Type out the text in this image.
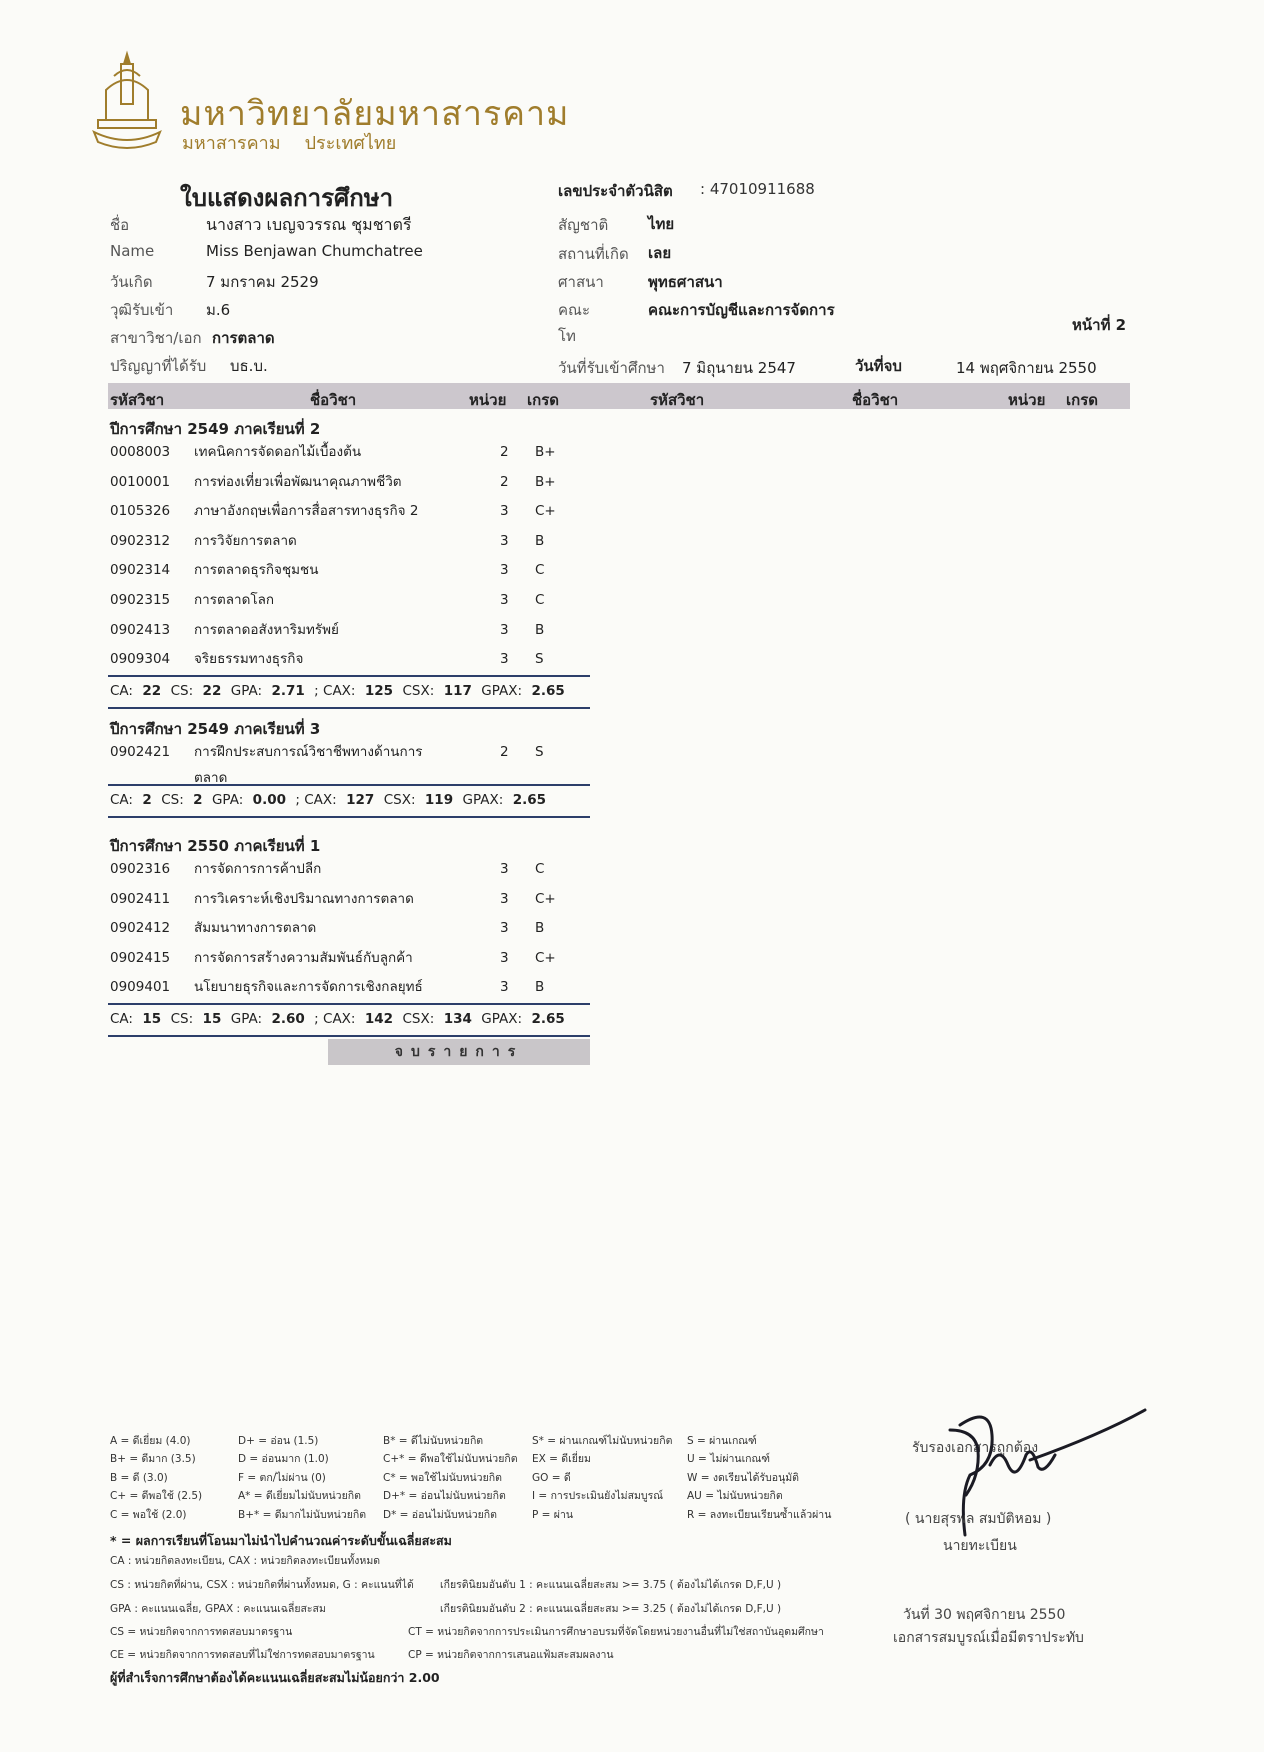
มหาวิทยาลัยมหาสารคาม
มหาสารคาม ประเทศไทย
ใบแสดงผลการศึกษา	เลขประจำตัวนิสิต : 47010911688
ชื่อ	นางสาว เบญจวรรณ ชุมชาตรี
Name	Miss Benjawan Chumchatree
วันเกิด	7 มกราคม 2529
วุฒิรับเข้า ม.6
สาขาวิชา/เอก การตลาด
ปริญญาที่ได้รับ บธ.บ.
สัญชาติ	ไทย
สถานที่เกิด เลย
ศาสนา	พุทธศาสนา
คณะ	คณะการบัญชีและการจัดการ
โท
หน้าที่ 2
วันที่รับเข้าศึกษา 7 มิถุนายน 2547	วันที่จบ	14 พฤศจิกายน 2550
รหัสวิชา	ชื่อวิชา	หน่วย เกรด	รหัสวิชา	ชื่อวิชา	หน่วย เกรด
ปีการศึกษา 2549 ภาคเรียนที่ 2
0008003 เทคนิคการจัดดอกไม้เบื้องต้น	2 B+
0010001 การท่องเที่ยวเพื่อพัฒนาคุณภาพชีวิต	2 B+
0105326 ภาษาอังกฤษเพื่อการสื่อสารทางธุรกิจ 2	3 C+
0902312 การวิจัยการตลาด	3 B
0902314 การตลาดธุรกิจชุมชน	3 C
0902315 การตลาดโลก	3 C
0902413 การตลาดอสังหาริมทรัพย์	3 B
0909304 จริยธรรมทางธุรกิจ	3 S
CA: 22 CS: 22 GPA: 2.71 ; CAX: 125 CSX: 117 GPAX: 2.65
ปีการศึกษา 2549 ภาคเรียนที่ 3
0902421 การฝึกประสบการณ์วิชาชีพทางด้านการตลาด
2 S
CA: 2 CS: 2 GPA: 0.00 ; CAX: 127 CSX: 119 GPAX: 2.65
ปีการศึกษา 2550 ภาคเรียนที่ 1
0902316 การจัดการการค้าปลีก	3 C
0902411 การวิเคราะห์เชิงปริมาณทางการตลาด	3 C+
0902412 สัมมนาทางการตลาด	3 B
0902415 การจัดการสร้างความสัมพันธ์กับลูกค้า	3 C+
0909401 นโยบายธุรกิจและการจัดการเชิงกลยุทธ์	3 B
CA: 15 CS: 15 GPA: 2.60 ; CAX: 142 CSX: 134 GPAX: 2.65
จบรายการ
A = ดีเยี่ยม (4.0)
B+ = ดีมาก (3.5)
B = ดี (3.0)
C+ = ดีพอใช้ (2.5)
C = พอใช้ (2.0)
D+ = อ่อน (1.5)
D = อ่อนมาก (1.0)
F = ตก/ไม่ผ่าน (0)
A* = ดีเยี่ยมไม่นับหน่วยกิต
B+* = ดีมากไม่นับหน่วยกิต
B* = ดีไม่นับหน่วยกิต
C+* = ดีพอใช้ไม่นับหน่วยกิต
C* = พอใช้ไม่นับหน่วยกิต
D+* = อ่อนไม่นับหน่วยกิต
D* = อ่อนไม่นับหน่วยกิต
S* = ผ่านเกณฑ์ไม่นับหน่วยกิต
EX = ดีเยี่ยม
GO = ดี
I = การประเมินยังไม่สมบูรณ์
P = ผ่าน
S = ผ่านเกณฑ์
U = ไม่ผ่านเกณฑ์
W = งดเรียนได้รับอนุมัติ
AU = ไม่นับหน่วยกิต
R = ลงทะเบียนเรียนซ้ำแล้วผ่าน
* = ผลการเรียนที่โอนมาไม่นำไปคำนวณค่าระดับขั้นเฉลี่ยสะสม
CA : หน่วยกิตลงทะเบียน, CAX : หน่วยกิตลงทะเบียนทั้งหมด
CS : หน่วยกิตที่ผ่าน, CSX : หน่วยกิตที่ผ่านทั้งหมด, G : คะแนนที่ได้ เกียรตินิยมอันดับ 1 : คะแนนเฉลี่ยสะสม >= 3.75 ( ต้องไม่ได้เกรด D,F,U )
GPA : คะแนนเฉลี่ย, GPAX : คะแนนเฉลี่ยสะสม	เกียรตินิยมอันดับ 2 : คะแนนเฉลี่ยสะสม >= 3.25 ( ต้องไม่ได้เกรด D,F,U )
CS = หน่วยกิตจากการทดสอบมาตรฐาน	CT = หน่วยกิตจากการประเมินการศึกษาอบรมที่จัดโดยหน่วยงานอื่นที่ไม่ใช่สถาบันอุดมศึกษา
CE = หน่วยกิตจากการทดสอบที่ไม่ใช่การทดสอบมาตรฐาน	CP = หน่วยกิตจากการเสนอแฟ้มสะสมผลงาน
ผู้ที่สำเร็จการศึกษาต้องได้คะแนนเฉลี่ยสะสมไม่น้อยกว่า 2.00
รับรองเอกสารถูกต้อง
( นายสุรพล สมบัติหอม )
นายทะเบียน
วันที่ 30 พฤศจิกายน 2550
เอกสารสมบูรณ์เมื่อมีตราประทับ
